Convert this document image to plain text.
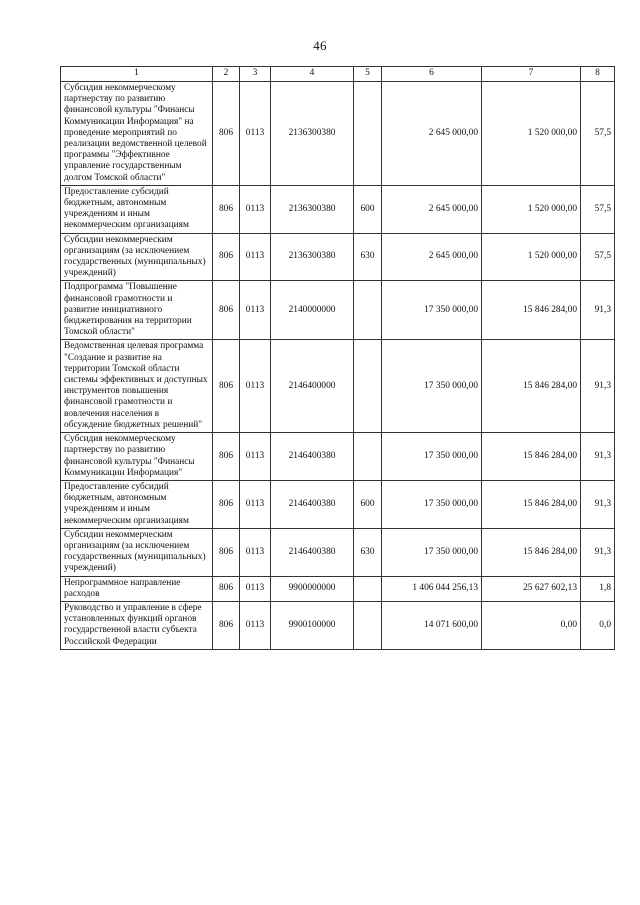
46
1	2	3	4	5	6	7	8
Субсидия некоммерческому партнерству по развитию финансовой культуры "Финансы Коммуникации Информация" на проведение мероприятий по реализации ведомственной целевой программы "Эффективное управление государственным долгом Томской области"	806	0113	2136300380		2 645 000,00	1 520 000,00	57,5
Предоставление субсидий бюджетным, автономным учреждениям и иным некоммерческим организациям	806	0113	2136300380	600	2 645 000,00	1 520 000,00	57,5
Субсидии некоммерческим организациям (за исключением государственных (муниципальных) учреждений)	806	0113	2136300380	630	2 645 000,00	1 520 000,00	57,5
Подпрограмма "Повышение финансовой грамотности и развитие инициативного бюджетирования на территории Томской области"	806	0113	2140000000		17 350 000,00	15 846 284,00	91,3
Ведомственная целевая программа "Создание и развитие на территории Томской области системы эффективных и доступных инструментов повышения финансовой грамотности и вовлечения населения в обсуждение бюджетных решений"	806	0113	2146400000		17 350 000,00	15 846 284,00	91,3
Субсидия некоммерческому партнерству по развитию финансовой культуры "Финансы Коммуникации Информация"	806	0113	2146400380		17 350 000,00	15 846 284,00	91,3
Предоставление субсидий бюджетным, автономным учреждениям и иным некоммерческим организациям	806	0113	2146400380	600	17 350 000,00	15 846 284,00	91,3
Субсидии некоммерческим организациям (за исключением государственных (муниципальных) учреждений)	806	0113	2146400380	630	17 350 000,00	15 846 284,00	91,3
Непрограммное направление расходов	806	0113	9900000000		1 406 044 256,13	25 627 602,13	1,8
Руководство и управление в сфере установленных функций органов государственной власти субъекта Российской Федерации	806	0113	9900100000		14 071 600,00	0,00	0,0
